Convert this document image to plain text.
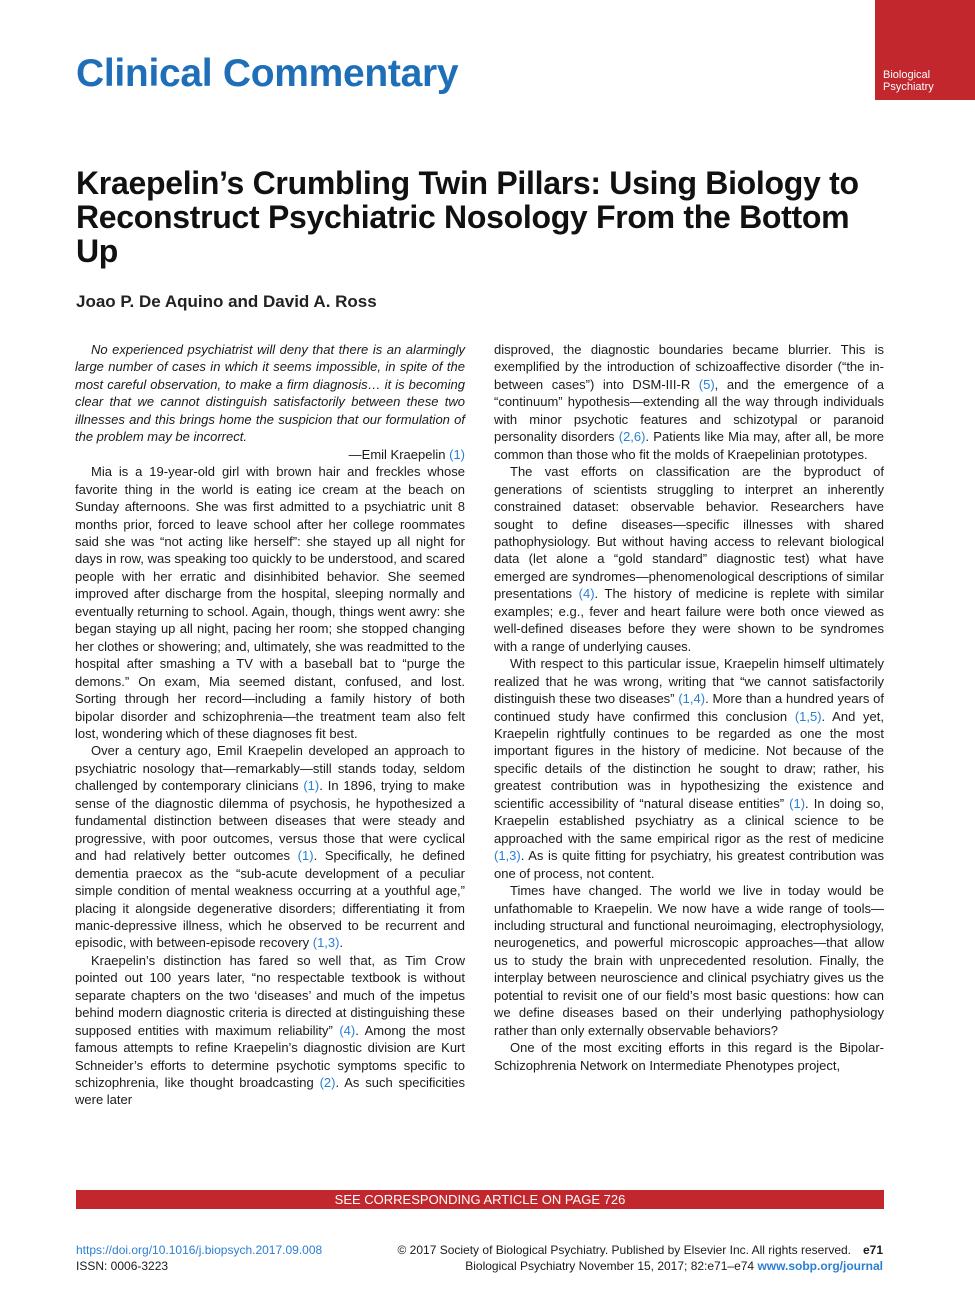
Clinical Commentary	Biological
Psychiatry
Kraepelin’s Crumbling Twin Pillars: Using Biology to Reconstruct Psychiatric Nosology From the Bottom Up
Joao P. De Aquino and David A. Ross

No experienced psychiatrist will deny that there is an alarmingly large number of cases in which it seems impossible, in spite of the most careful observation, to make a firm diagnosis… it is becoming clear that we cannot distinguish satisfactorily between these two illnesses and this brings home the suspicion that our formulation of the problem may be incorrect.

—Emil Kraepelin (1)

Mia is a 19-year-old girl with brown hair and freckles whose favorite thing in the world is eating ice cream at the beach on Sunday afternoons. She was first admitted to a psychiatric unit 8 months prior, forced to leave school after her college roommates said she was “not acting like herself”: she stayed up all night for days in row, was speaking too quickly to be understood, and scared people with her erratic and disinhibited behavior. She seemed improved after discharge from the hospital, sleeping normally and eventually returning to school. Again, though, things went awry: she began staying up all night, pacing her room; she stopped changing her clothes or showering; and, ultimately, she was readmitted to the hospital after smashing a TV with a baseball bat to “purge the demons.” On exam, Mia seemed distant, confused, and lost. Sorting through her record—including a family history of both bipolar disorder and schizophrenia—the treatment team also felt lost, wondering which of these diagnoses fit best.

Over a century ago, Emil Kraepelin developed an approach to psychiatric nosology that—remarkably—still stands today, seldom challenged by contemporary clinicians (1). In 1896, trying to make sense of the diagnostic dilemma of psychosis, he hypothesized a fundamental distinction between diseases that were steady and progressive, with poor outcomes, versus those that were cyclical and had relatively better outcomes (1). Specifically, he defined dementia praecox as the “sub-acute development of a peculiar simple condition of mental weakness occurring at a youthful age,” placing it alongside degenerative disorders; differentiating it from manic-depressive illness, which he observed to be recurrent and episodic, with between-episode recovery (1,3).

Kraepelin’s distinction has fared so well that, as Tim Crow pointed out 100 years later, “no respectable textbook is without separate chapters on the two ‘diseases’ and much of the impetus behind modern diagnostic criteria is directed at distinguishing these supposed entities with maximum reliability” (4). Among the most famous attempts to refine Kraepelin’s diagnostic division are Kurt Schneider’s efforts to determine psychotic symptoms specific to schizophrenia, like thought broadcasting (2). As such specificities were later

disproved, the diagnostic boundaries became blurrier. This is exemplified by the introduction of schizoaffective disorder (“the in-between cases”) into DSM-III-R (5), and the emergence of a “continuum” hypothesis—extending all the way through individuals with minor psychotic features and schizotypal or paranoid personality disorders (2,6). Patients like Mia may, after all, be more common than those who fit the molds of Kraepelinian prototypes.

The vast efforts on classification are the byproduct of generations of scientists struggling to interpret an inherently constrained dataset: observable behavior. Researchers have sought to define diseases—specific illnesses with shared pathophysiology. But without having access to relevant biological data (let alone a “gold standard” diagnostic test) what have emerged are syndromes—phenomenological descriptions of similar presentations (4). The history of medicine is replete with similar examples; e.g., fever and heart failure were both once viewed as well-defined diseases before they were shown to be syndromes with a range of underlying causes.

With respect to this particular issue, Kraepelin himself ultimately realized that he was wrong, writing that “we cannot satisfactorily distinguish these two diseases” (1,4). More than a hundred years of continued study have confirmed this conclusion (1,5). And yet, Kraepelin rightfully continues to be regarded as one the most important figures in the history of medicine. Not because of the specific details of the distinction he sought to draw; rather, his greatest contribution was in hypothesizing the existence and scientific accessibility of “natural disease entities” (1). In doing so, Kraepelin established psychiatry as a clinical science to be approached with the same empirical rigor as the rest of medicine (1,3). As is quite fitting for psychiatry, his greatest contribution was one of process, not content.

Times have changed. The world we live in today would be unfathomable to Kraepelin. We now have a wide range of tools—including structural and functional neuroimaging, electrophysiology, neurogenetics, and powerful microscopic approaches—that allow us to study the brain with unprecedented resolution. Finally, the interplay between neuroscience and clinical psychiatry gives us the potential to revisit one of our field’s most basic questions: how can we define diseases based on their underlying pathophysiology rather than only externally observable behaviors?

One of the most exciting efforts in this regard is the Bipolar-Schizophrenia Network on Intermediate Phenotypes project,

SEE CORRESPONDING ARTICLE ON PAGE 726
https://doi.org/10.1016/j.biopsych.2017.09.008
ISSN: 0006-3223
© 2017 Society of Biological Psychiatry. Published by Elsevier Inc. All rights reserved. e71
Biological Psychiatry November 15, 2017; 82:e71–e74 www.sobp.org/journal
